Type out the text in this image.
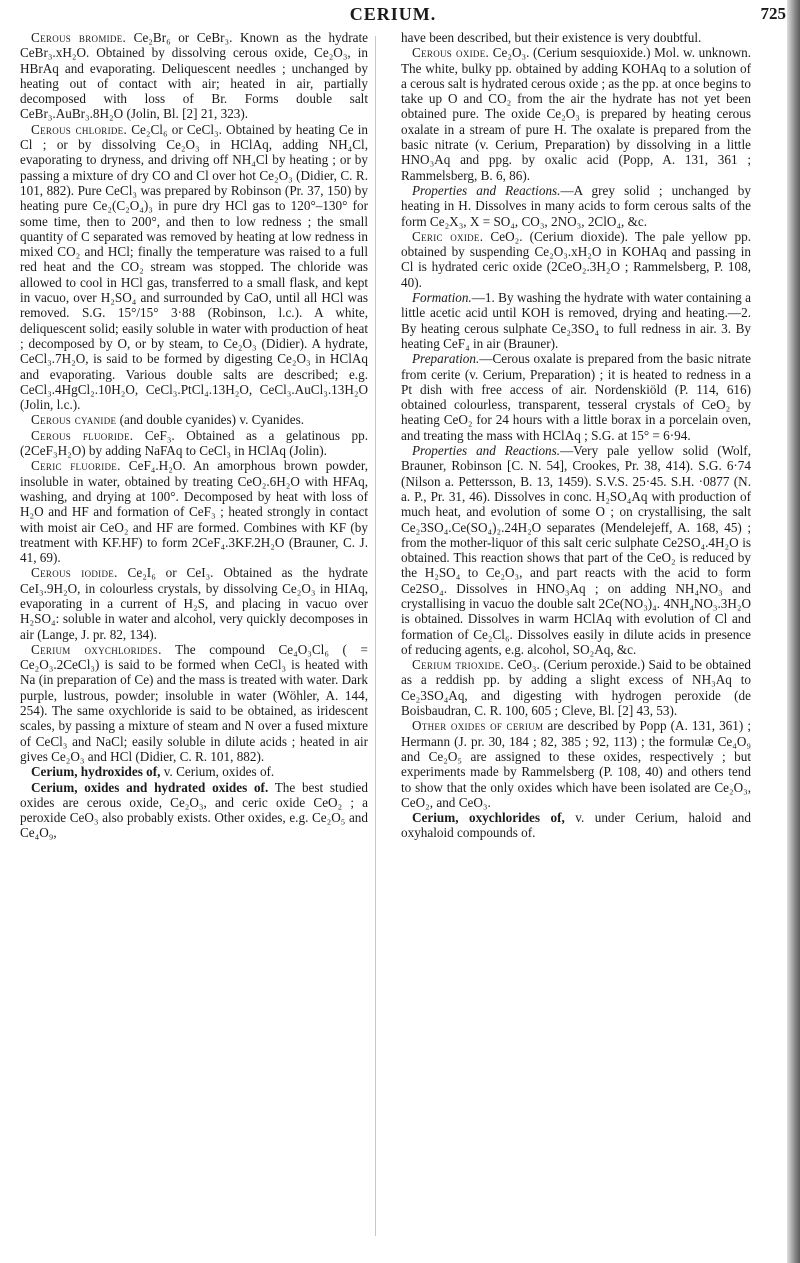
CERIUM.	725

Cerous bromide. Ce₂Br₆ or CeBr₃. Known as the hydrate CeBr₃.xH₂O. Obtained by dissolving cerous oxide, Ce₂O₃, in HBrAq and evaporating. Deliquescent needles ; unchanged by heating out of contact with air; heated in air, partially decomposed with loss of Br. Forms double salt CeBr₃.AuBr₃.8H₂O (Jolin, Bl. [2] 21, 323).

Cerous chloride. Ce₂Cl₆ or CeCl₃. Obtained by heating Ce in Cl ; or by dissolving Ce₂O₃ in HClAq, adding NH₄Cl, evaporating to dryness, and driving off NH₄Cl by heating ; or by passing a mixture of dry CO and Cl over hot Ce₂O₃ (Didier, C. R. 101, 882). Pure CeCl₃ was prepared by Robinson (Pr. 37, 150) by heating pure Ce₂(C₂O₄)₃ in pure dry HCl gas to 120°–130° for some time, then to 200°, and then to low redness ; the small quantity of C separated was removed by heating at low redness in mixed CO₂ and HCl; finally the temperature was raised to a full red heat and the CO₂ stream was stopped. The chloride was allowed to cool in HCl gas, transferred to a small flask, and kept in vacuo, over H₂SO₄ and surrounded by CaO, until all HCl was removed. S.G. 15°/15° 3·88 (Robinson, l.c.). A white, deliquescent solid; easily soluble in water with production of heat ; decomposed by O, or by steam, to Ce₂O₃ (Didier). A hydrate, CeCl₃.7H₂O, is said to be formed by digesting Ce₂O₃ in HClAq and evaporating. Various double salts are described; e.g. CeCl₃.4HgCl₂.10H₂O, CeCl₃.PtCl₄.13H₂O, CeCl₃.AuCl₃.13H₂O (Jolin, l.c.).

Cerous cyanide (and double cyanides) v. Cyanides.

Cerous fluoride. CeF₃. Obtained as a gelatinous pp. (2CeF₃H₂O) by adding NaFAq to CeCl₃ in HClAq (Jolin).

Ceric fluoride. CeF₄.H₂O. An amorphous brown powder, insoluble in water, obtained by treating CeO₂.6H₂O with HFAq, washing, and drying at 100°. Decomposed by heat with loss of H₂O and HF and formation of CeF₃ ; heated strongly in contact with moist air CeO₂ and HF are formed. Combines with KF (by treatment with KF.HF) to form 2CeF₄.3KF.2H₂O (Brauner, C. J. 41, 69).

Cerous iodide. Ce₂I₆ or CeI₃. Obtained as the hydrate CeI₃.9H₂O, in colourless crystals, by dissolving Ce₂O₃ in HIAq, evaporating in a current of H₂S, and placing in vacuo over H₂SO₄: soluble in water and alcohol, very quickly decomposes in air (Lange, J. pr. 82, 134).

Cerium oxychlorides. The compound Ce₄O₃Cl₆ ( = Ce₂O₃.2CeCl₃) is said to be formed when CeCl₃ is heated with Na (in preparation of Ce) and the mass is treated with water. Dark purple, lustrous, powder; insoluble in water (Wöhler, A. 144, 254). The same oxychloride is said to be obtained, as iridescent scales, by passing a mixture of steam and N over a fused mixture of CeCl₃ and NaCl; easily soluble in dilute acids ; heated in air gives Ce₂O₃ and HCl (Didier, C. R. 101, 882).

Cerium, hydroxides of, v. Cerium, oxides of.

Cerium, oxides and hydrated oxides of. The best studied oxides are cerous oxide, Ce₂O₃, and ceric oxide CeO₂ ; a peroxide CeO₃ also probably exists. Other oxides, e.g. Ce₂O₅ and Ce₄O₉,

have been described, but their existence is very doubtful.

Cerous oxide. Ce₂O₃. (Cerium sesquioxide.) Mol. w. unknown. The white, bulky pp. obtained by adding KOHAq to a solution of a cerous salt is hydrated cerous oxide ; as the pp. at once begins to take up O and CO₂ from the air the hydrate has not yet been obtained pure. The oxide Ce₂O₃ is prepared by heating cerous oxalate in a stream of pure H. The oxalate is prepared from the basic nitrate (v. Cerium, Preparation) by dissolving in a little HNO₃Aq and ppg. by oxalic acid (Popp, A. 131, 361 ; Rammelsberg, B. 6, 86).

Properties and Reactions.—A grey solid ; unchanged by heating in H. Dissolves in many acids to form cerous salts of the form Ce₂X₃, X = SO₄, CO₃, 2NO₃, 2ClO₄, &c.

Ceric oxide. CeO₂. (Cerium dioxide). The pale yellow pp. obtained by suspending Ce₂O₃.xH₂O in KOHAq and passing in Cl is hydrated ceric oxide (2CeO₂.3H₂O ; Rammelsberg, P. 108, 40).

Formation.—1. By washing the hydrate with water containing a little acetic acid until KOH is removed, drying and heating.—2. By heating cerous sulphate Ce₂3SO₄ to full redness in air. 3. By heating CeF₄ in air (Brauner).

Preparation.—Cerous oxalate is prepared from the basic nitrate from cerite (v. Cerium, Preparation) ; it is heated to redness in a Pt dish with free access of air. Nordenskiöld (P. 114, 616) obtained colourless, transparent, tesseral crystals of CeO₂ by heating CeO₂ for 24 hours with a little borax in a porcelain oven, and treating the mass with HClAq ; S.G. at 15° = 6·94.

Properties and Reactions.—Very pale yellow solid (Wolf, Brauner, Robinson [C. N. 54], Crookes, Pr. 38, 414). S.G. 6·74 (Nilson a. Pettersson, B. 13, 1459). S.V.S. 25·45. S.H. ·0877 (N. a. P., Pr. 31, 46). Dissolves in conc. H₂SO₄Aq with production of much heat, and evolution of some O ; on crystallising, the salt Ce₂3SO₄.Ce(SO₄)₂.24H₂O separates (Mendelejeff, A. 168, 45) ; from the mother-liquor of this salt ceric sulphate Ce2SO₄.4H₂O is obtained. This reaction shows that part of the CeO₂ is reduced by the H₂SO₄ to Ce₂O₃, and part reacts with the acid to form Ce2SO₄. Dissolves in HNO₃Aq ; on adding NH₄NO₃ and crystallising in vacuo the double salt 2Ce(NO₃)₄. 4NH₄NO₃.3H₂O is obtained. Dissolves in warm HClAq with evolution of Cl and formation of Ce₂Cl₆. Dissolves easily in dilute acids in presence of reducing agents, e.g. alcohol, SO₂Aq, &c.

Cerium trioxide. CeO₃. (Cerium peroxide.) Said to be obtained as a reddish pp. by adding a slight excess of NH₃Aq to Ce₂3SO₄Aq, and digesting with hydrogen peroxide (de Boisbaudran, C. R. 100, 605 ; Cleve, Bl. [2] 43, 53).

Other oxides of cerium are described by Popp (A. 131, 361) ; Hermann (J. pr. 30, 184 ; 82, 385 ; 92, 113) ; the formulæ Ce₄O₉ and Ce₂O₅ are assigned to these oxides, respectively ; but experiments made by Rammelsberg (P. 108, 40) and others tend to show that the only oxides which have been isolated are Ce₂O₃, CeO₂, and CeO₃.

Cerium, oxychlorides of, v. under Cerium, haloid and oxyhaloid compounds of.
